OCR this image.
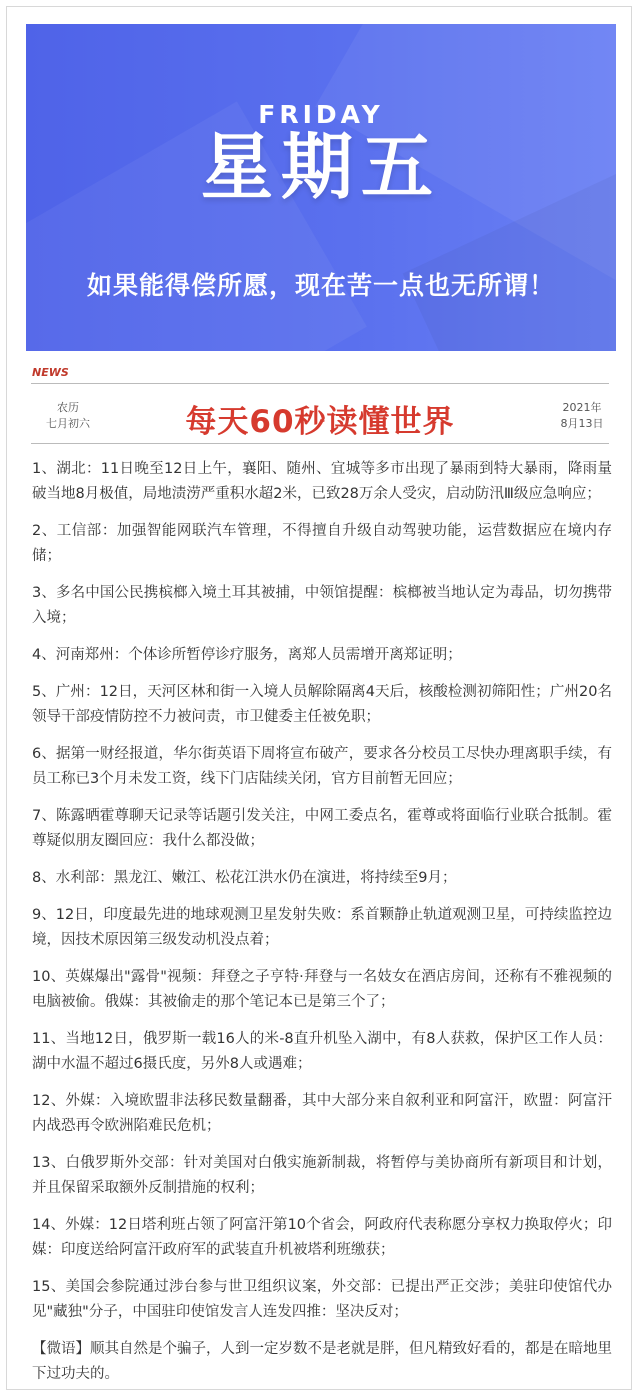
FRIDAY
星期五
如果能得偿所愿，现在苦一点也无所谓！
NEWS
农历
七月初六	每天60秒读懂世界	2021年
8月13日

1、湖北：11日晚至12日上午，襄阳、随州、宜城等多市出现了暴雨到特大暴雨，降雨量破当地8月极值，局地渍涝严重积水超2米，已致28万余人受灾，启动防汛Ⅲ级应急响应；

2、工信部：加强智能网联汽车管理，不得擅自升级自动驾驶功能，运营数据应在境内存储；

3、多名中国公民携槟榔入境土耳其被捕，中领馆提醒：槟榔被当地认定为毒品，切勿携带入境；

4、河南郑州：个体诊所暂停诊疗服务，离郑人员需增开离郑证明；

5、广州：12日，天河区林和街一入境人员解除隔离4天后，核酸检测初筛阳性；广州20名领导干部疫情防控不力被问责，市卫健委主任被免职；

6、据第一财经报道，华尔街英语下周将宣布破产，要求各分校员工尽快办理离职手续，有员工称已3个月未发工资，线下门店陆续关闭，官方目前暂无回应；

7、陈露晒霍尊聊天记录等话题引发关注，中网工委点名，霍尊或将面临行业联合抵制。霍尊疑似朋友圈回应：我什么都没做；

8、水利部：黑龙江、嫩江、松花江洪水仍在演进，将持续至9月；

9、12日，印度最先进的地球观测卫星发射失败：系首颗静止轨道观测卫星，可持续监控边境，因技术原因第三级发动机没点着；

10、英媒爆出"露骨"视频：拜登之子亨特·拜登与一名妓女在酒店房间，还称有不雅视频的电脑被偷。俄媒：其被偷走的那个笔记本已是第三个了；

11、当地12日，俄罗斯一载16人的米-8直升机坠入湖中，有8人获救，保护区工作人员：湖中水温不超过6摄氏度，另外8人或遇难；

12、外媒：入境欧盟非法移民数量翻番，其中大部分来自叙利亚和阿富汗，欧盟：阿富汗内战恐再令欧洲陷难民危机；

13、白俄罗斯外交部：针对美国对白俄实施新制裁，将暂停与美协商所有新项目和计划，并且保留采取额外反制措施的权利；

14、外媒：12日塔利班占领了阿富汗第10个省会，阿政府代表称愿分享权力换取停火；印媒：印度送给阿富汗政府军的武装直升机被塔利班缴获；

15、美国会参院通过涉台参与世卫组织议案，外交部：已提出严正交涉；美驻印使馆代办见"藏独"分子，中国驻印使馆发言人连发四推：坚决反对；

【微语】顺其自然是个骗子，人到一定岁数不是老就是胖，但凡精致好看的，都是在暗地里下过功夫的。
